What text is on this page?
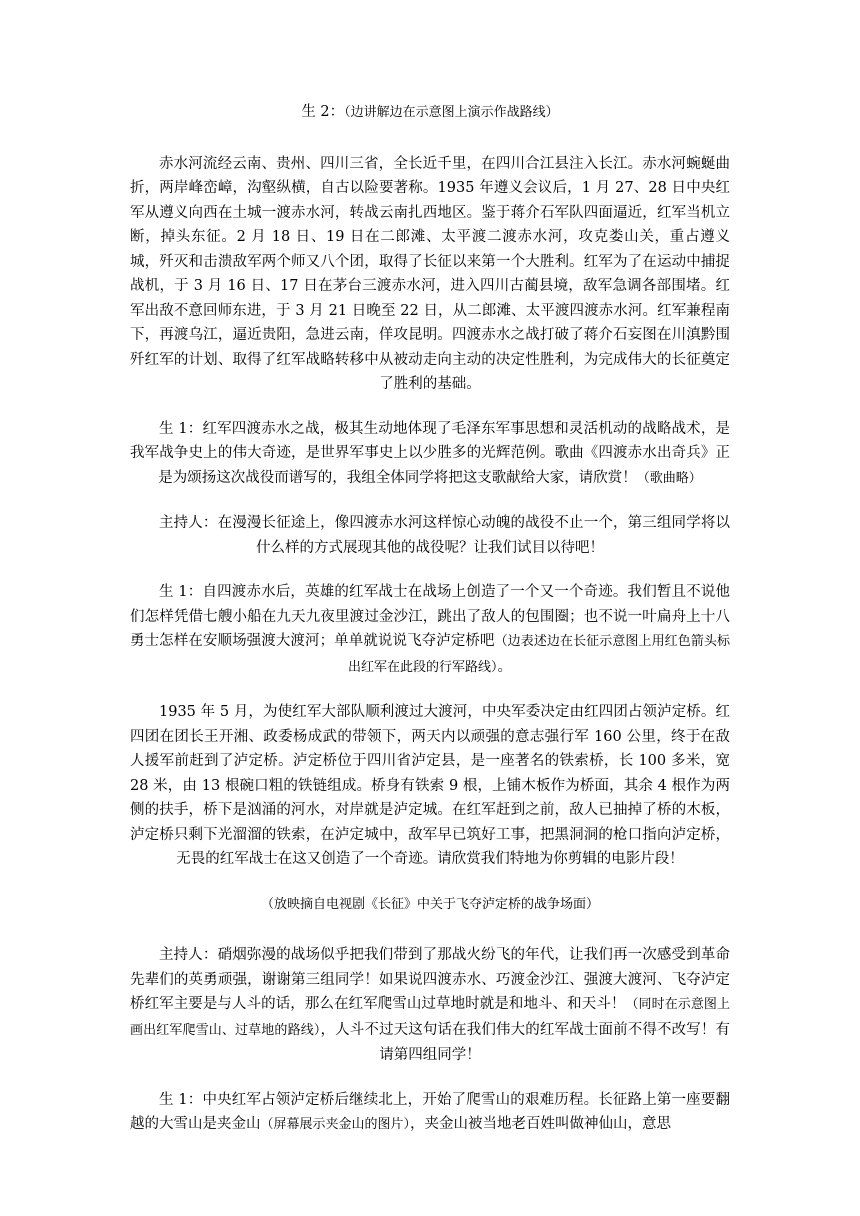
生 2：（边讲解边在示意图上演示作战路线）

赤水河流经云南、贵州、四川三省，全长近千里，在四川合江县注入长江。赤水河蜿蜒曲折，两岸峰峦嶂，沟壑纵横，自古以险要著称。1935 年遵义会议后，1 月 27、28 日中央红军从遵义向西在土城一渡赤水河，转战云南扎西地区。鉴于蒋介石军队四面逼近，红军当机立断，掉头东征。2 月 18 日、19 日在二郎滩、太平渡二渡赤水河，攻克娄山关，重占遵义城，歼灭和击溃敌军两个师又八个团，取得了长征以来第一个大胜利。红军为了在运动中捕捉战机，于 3 月 16 日、17 日在茅台三渡赤水河，进入四川古蔺县境，敌军急调各部围堵。红军出敌不意回师东进，于 3 月 21 日晚至 22 日，从二郎滩、太平渡四渡赤水河。红军兼程南下，再渡乌江，逼近贵阳，急进云南，佯攻昆明。四渡赤水之战打破了蒋介石妄图在川滇黔围歼红军的计划、取得了红军战略转移中从被动走向主动的决定性胜利，为完成伟大的长征奠定了胜利的基础。

生 1：红军四渡赤水之战，极其生动地体现了毛泽东军事思想和灵活机动的战略战术，是我军战争史上的伟大奇迹，是世界军事史上以少胜多的光辉范例。歌曲《四渡赤水出奇兵》正是为颂扬这次战役而谱写的，我组全体同学将把这支歌献给大家，请欣赏！（歌曲略）

主持人：在漫漫长征途上，像四渡赤水河这样惊心动魄的战役不止一个，第三组同学将以什么样的方式展现其他的战役呢？让我们试目以待吧！

生 1：自四渡赤水后，英雄的红军战士在战场上创造了一个又一个奇迹。我们暂且不说他们怎样凭借七艘小船在九天九夜里渡过金沙江，跳出了敌人的包围圈；也不说一叶扁舟上十八勇士怎样在安顺场强渡大渡河；单单就说说飞夺泸定桥吧（边表述边在长征示意图上用红色箭头标出红军在此段的行军路线）。

1935 年 5 月，为使红军大部队顺利渡过大渡河，中央军委决定由红四团占领泸定桥。红四团在团长王开湘、政委杨成武的带领下，两天内以顽强的意志强行军 160 公里，终于在敌人援军前赶到了泸定桥。泸定桥位于四川省泸定县，是一座著名的铁索桥，长 100 多米，宽 28 米，由 13 根碗口粗的铁链组成。桥身有铁索 9 根，上铺木板作为桥面，其余 4 根作为两侧的扶手，桥下是汹涌的河水，对岸就是泸定城。在红军赶到之前，敌人已抽掉了桥的木板，泸定桥只剩下光溜溜的铁索，在泸定城中，敌军早已筑好工事，把黑洞洞的枪口指向泸定桥，无畏的红军战士在这又创造了一个奇迹。请欣赏我们特地为你剪辑的电影片段！

（放映摘自电视剧《长征》中关于飞夺泸定桥的战争场面）

主持人：硝烟弥漫的战场似乎把我们带到了那战火纷飞的年代，让我们再一次感受到革命先辈们的英勇顽强，谢谢第三组同学！如果说四渡赤水、巧渡金沙江、强渡大渡河、飞夺泸定桥红军主要是与人斗的话，那么在红军爬雪山过草地时就是和地斗、和天斗！（同时在示意图上画出红军爬雪山、过草地的路线），人斗不过天这句话在我们伟大的红军战士面前不得不改写！有请第四组同学！

生 1：中央红军占领泸定桥后继续北上，开始了爬雪山的艰难历程。长征路上第一座要翻越的大雪山是夹金山（屏幕展示夹金山的图片），夹金山被当地老百姓叫做神仙山，意思
